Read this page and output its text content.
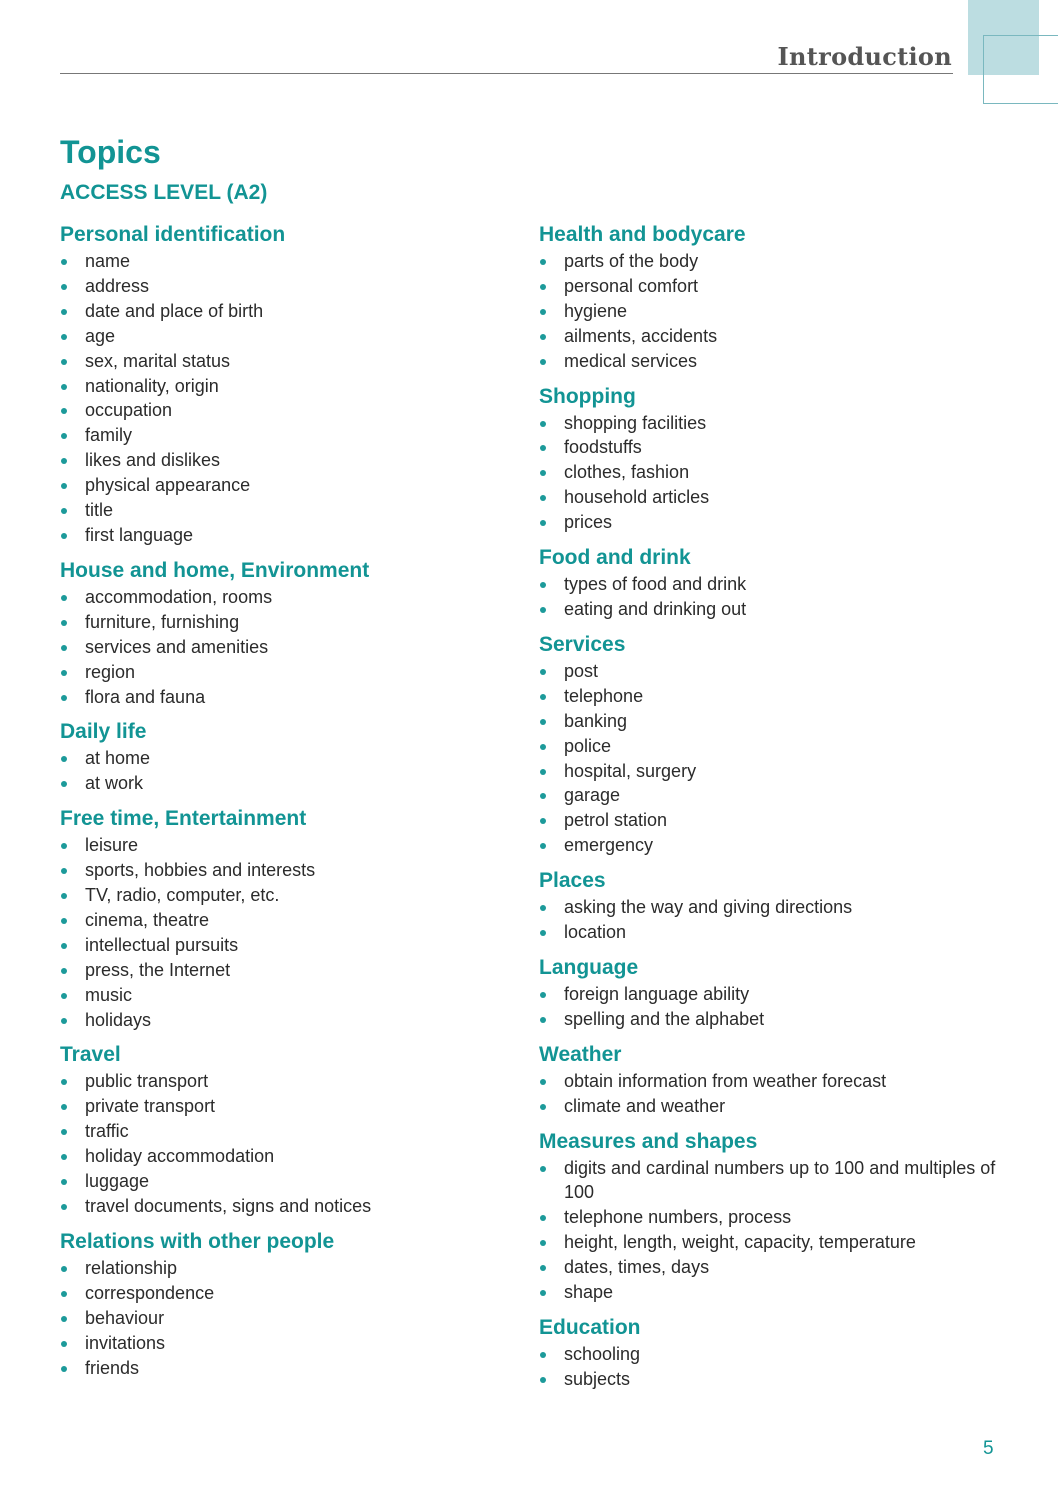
Introduction
Topics
ACCESS LEVEL (A2)
Personal identification
name
address
date and place of birth
age
sex, marital status
nationality, origin
occupation
family
likes and dislikes
physical appearance
title
first language
House and home, Environment
accommodation, rooms
furniture, furnishing
services and amenities
region
flora and fauna
Daily life
at home
at work
Free time, Entertainment
leisure
sports, hobbies and interests
TV, radio, computer, etc.
cinema, theatre
intellectual pursuits
press, the Internet
music
holidays
Travel
public transport
private transport
traffic
holiday accommodation
luggage
travel documents, signs and notices
Relations with other people
relationship
correspondence
behaviour
invitations
friends
Health and bodycare
parts of the body
personal comfort
hygiene
ailments, accidents
medical services
Shopping
shopping facilities
foodstuffs
clothes, fashion
household articles
prices
Food and drink
types of food and drink
eating and drinking out
Services
post
telephone
banking
police
hospital, surgery
garage
petrol station
emergency
Places
asking the way and giving directions
location
Language
foreign language ability
spelling and the alphabet
Weather
obtain information from weather forecast
climate and weather
Measures and shapes
digits and cardinal numbers up to 100 and multiples of 100
telephone numbers, process
height, length, weight, capacity, temperature
dates, times, days
shape
Education
schooling
subjects
5
